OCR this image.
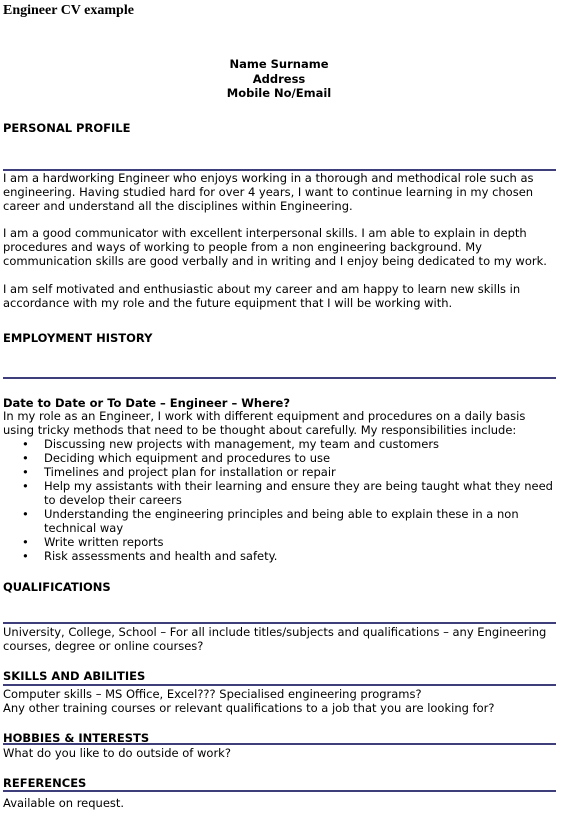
Engineer CV example
Name Surname
Address
Mobile No/Email
PERSONAL PROFILE

I am a hardworking Engineer who enjoys working in a thorough and methodical role such as engineering. Having studied hard for over 4 years, I want to continue learning in my chosen career and understand all the disciplines within Engineering.

I am a good communicator with excellent interpersonal skills. I am able to explain in depth procedures and ways of working to people from a non engineering background. My communication skills are good verbally and in writing and I enjoy being dedicated to my work.

I am self motivated and enthusiastic about my career and am happy to learn new skills in accordance with my role and the future equipment that I will be working with.

EMPLOYMENT HISTORY
Date to Date or To Date – Engineer – Where?

In my role as an Engineer, I work with different equipment and procedures on a daily basis using tricky methods that need to be thought about carefully. My responsibilities include:

• Discussing new projects with management, my team and customers
• Deciding which equipment and procedures to use
• Timelines and project plan for installation or repair
• Help my assistants with their learning and ensure they are being taught what they need to develop their careers
• Understanding the engineering principles and being able to explain these in a non technical way
• Write written reports
• Risk assessments and health and safety.
QUALIFICATIONS

University, College, School – For all include titles/subjects and qualifications – any Engineering courses, degree or online courses?

SKILLS AND ABILITIES

Computer skills – MS Office, Excel??? Specialised engineering programs?

Any other training courses or relevant qualifications to a job that you are looking for?

HOBBIES & INTERESTS

What do you like to do outside of work?

REFERENCES

Available on request.
